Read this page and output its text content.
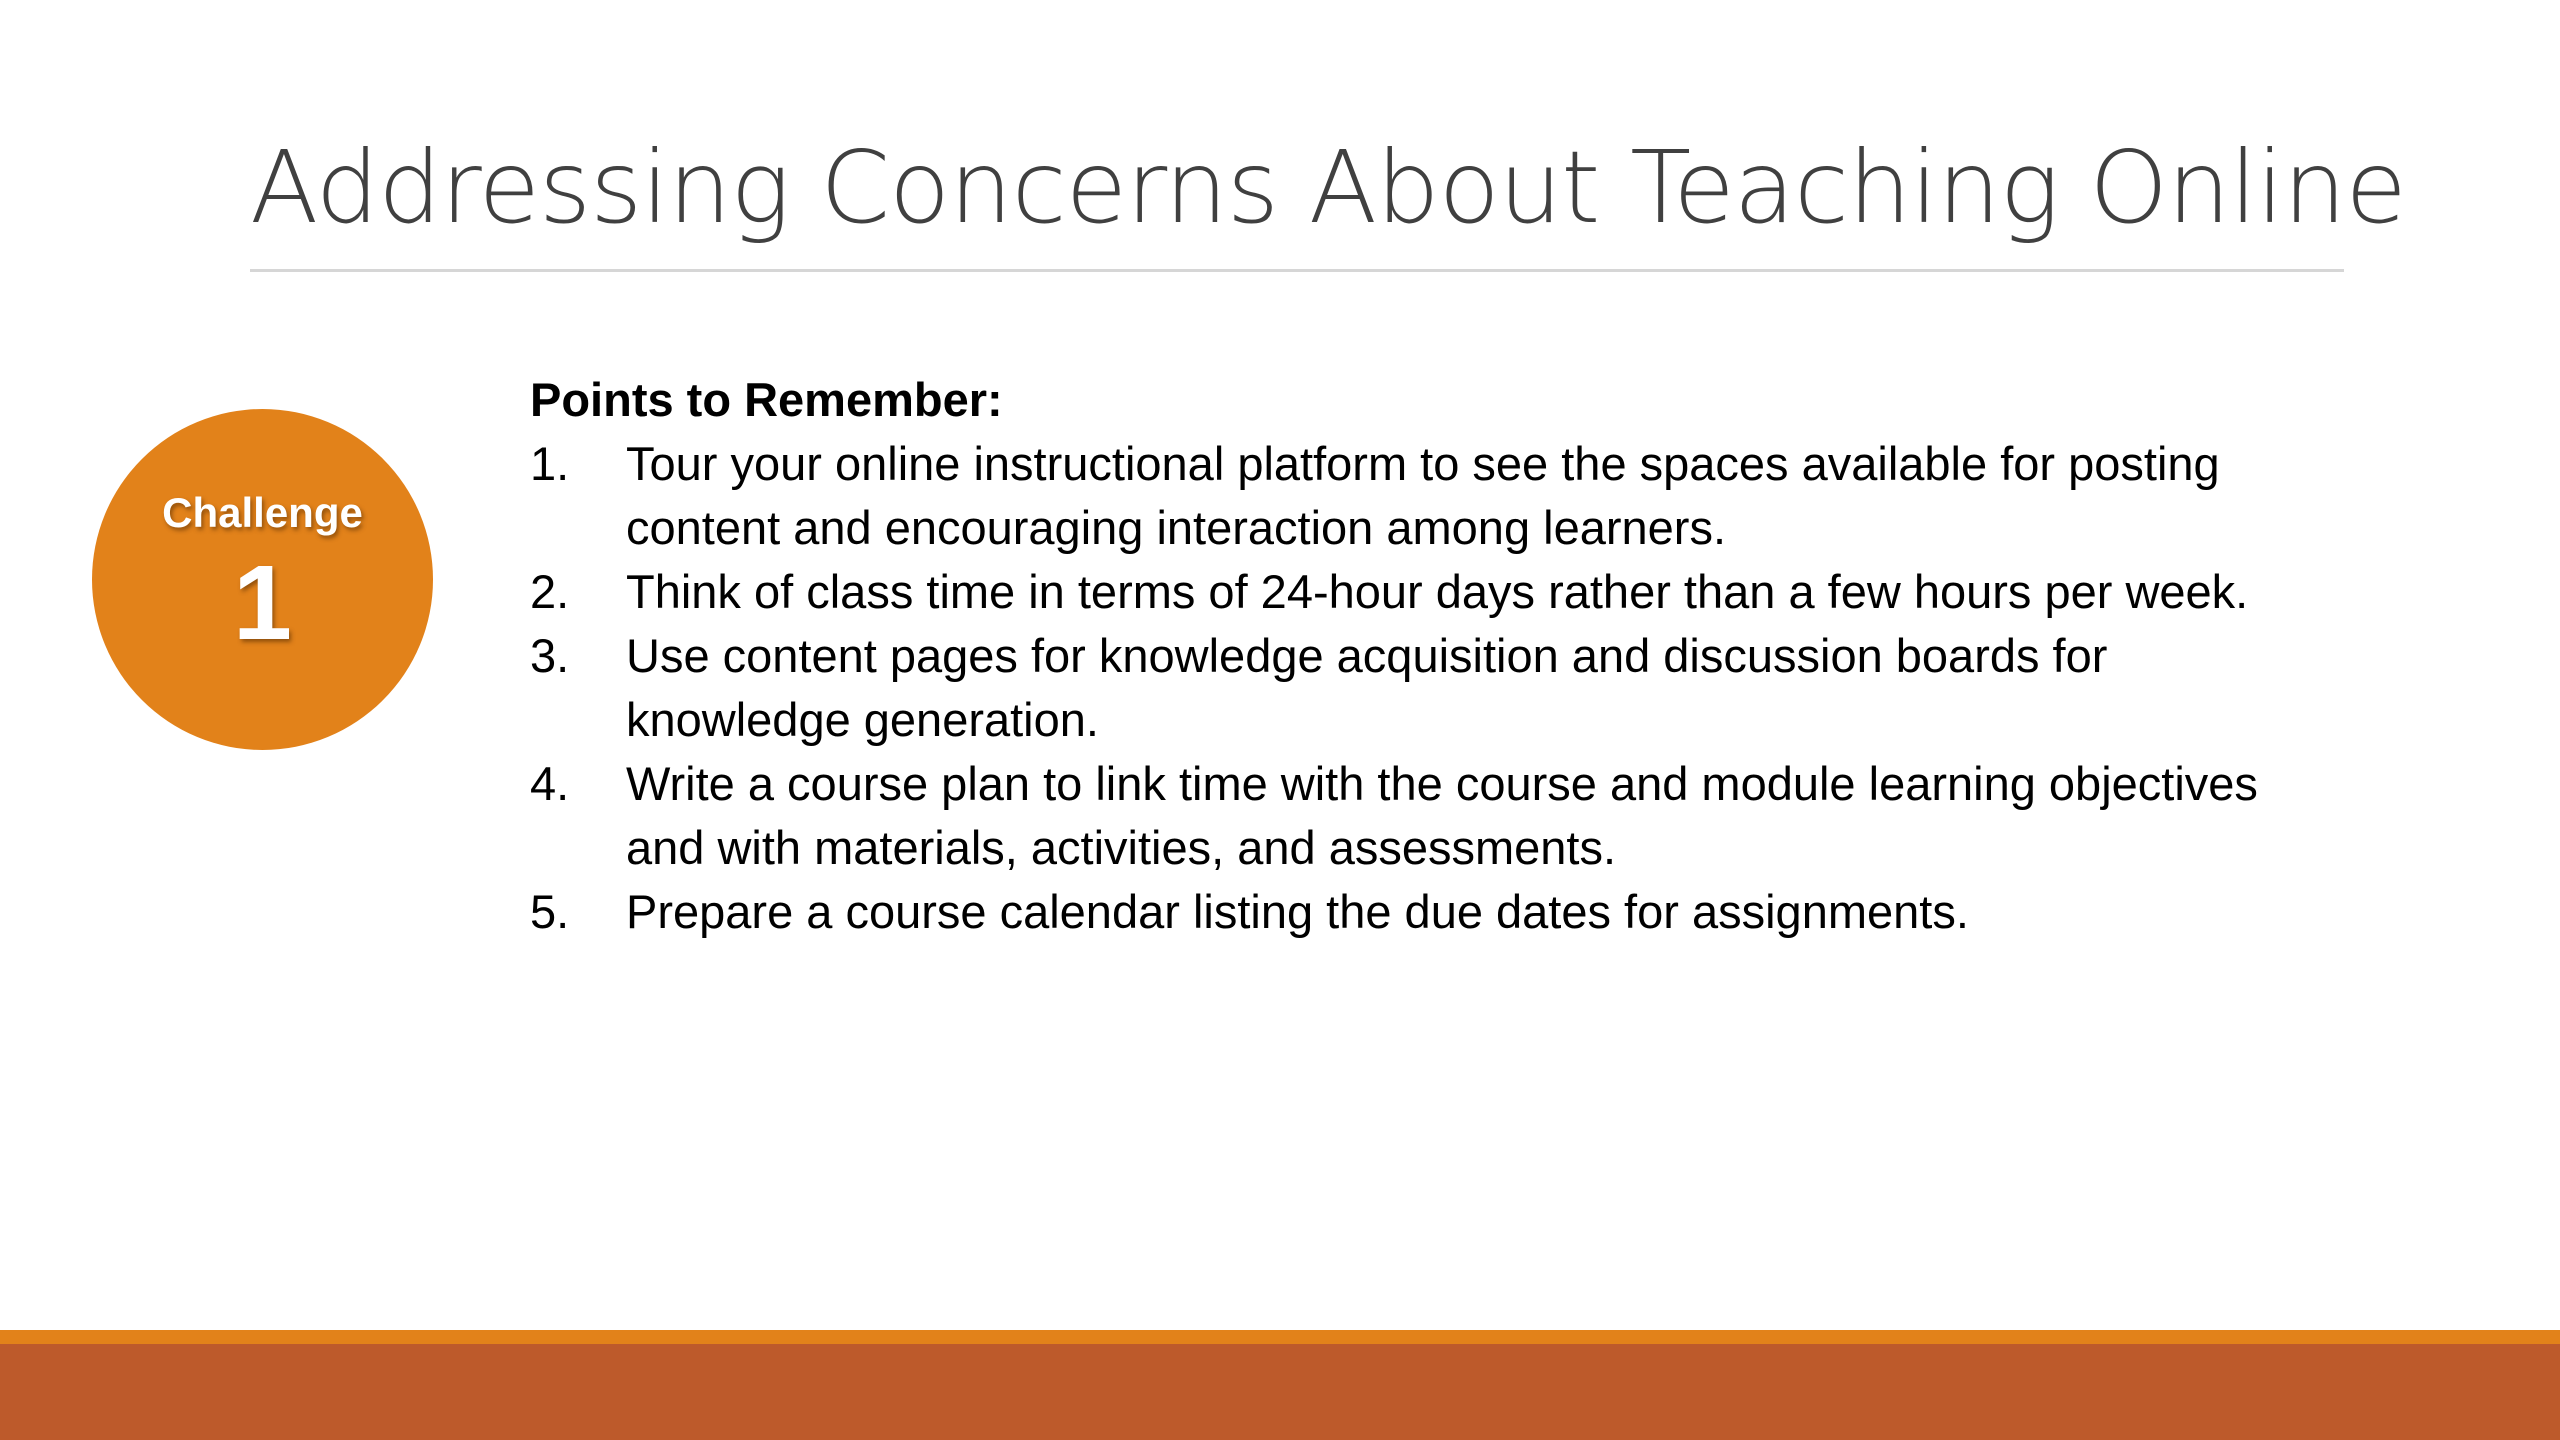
Addressing Concerns About Teaching Online
Challenge
1
Points to Remember:
1. Tour your online instructional platform to see the spaces available for posting content and encouraging interaction among learners.
2. Think of class time in terms of 24-hour days rather than a few hours per week.
3. Use content pages for knowledge acquisition and discussion boards for knowledge generation.
4. Write a course plan to link time with the course and module learning objectives and with materials, activities, and assessments.
5. Prepare a course calendar listing the due dates for assignments.
